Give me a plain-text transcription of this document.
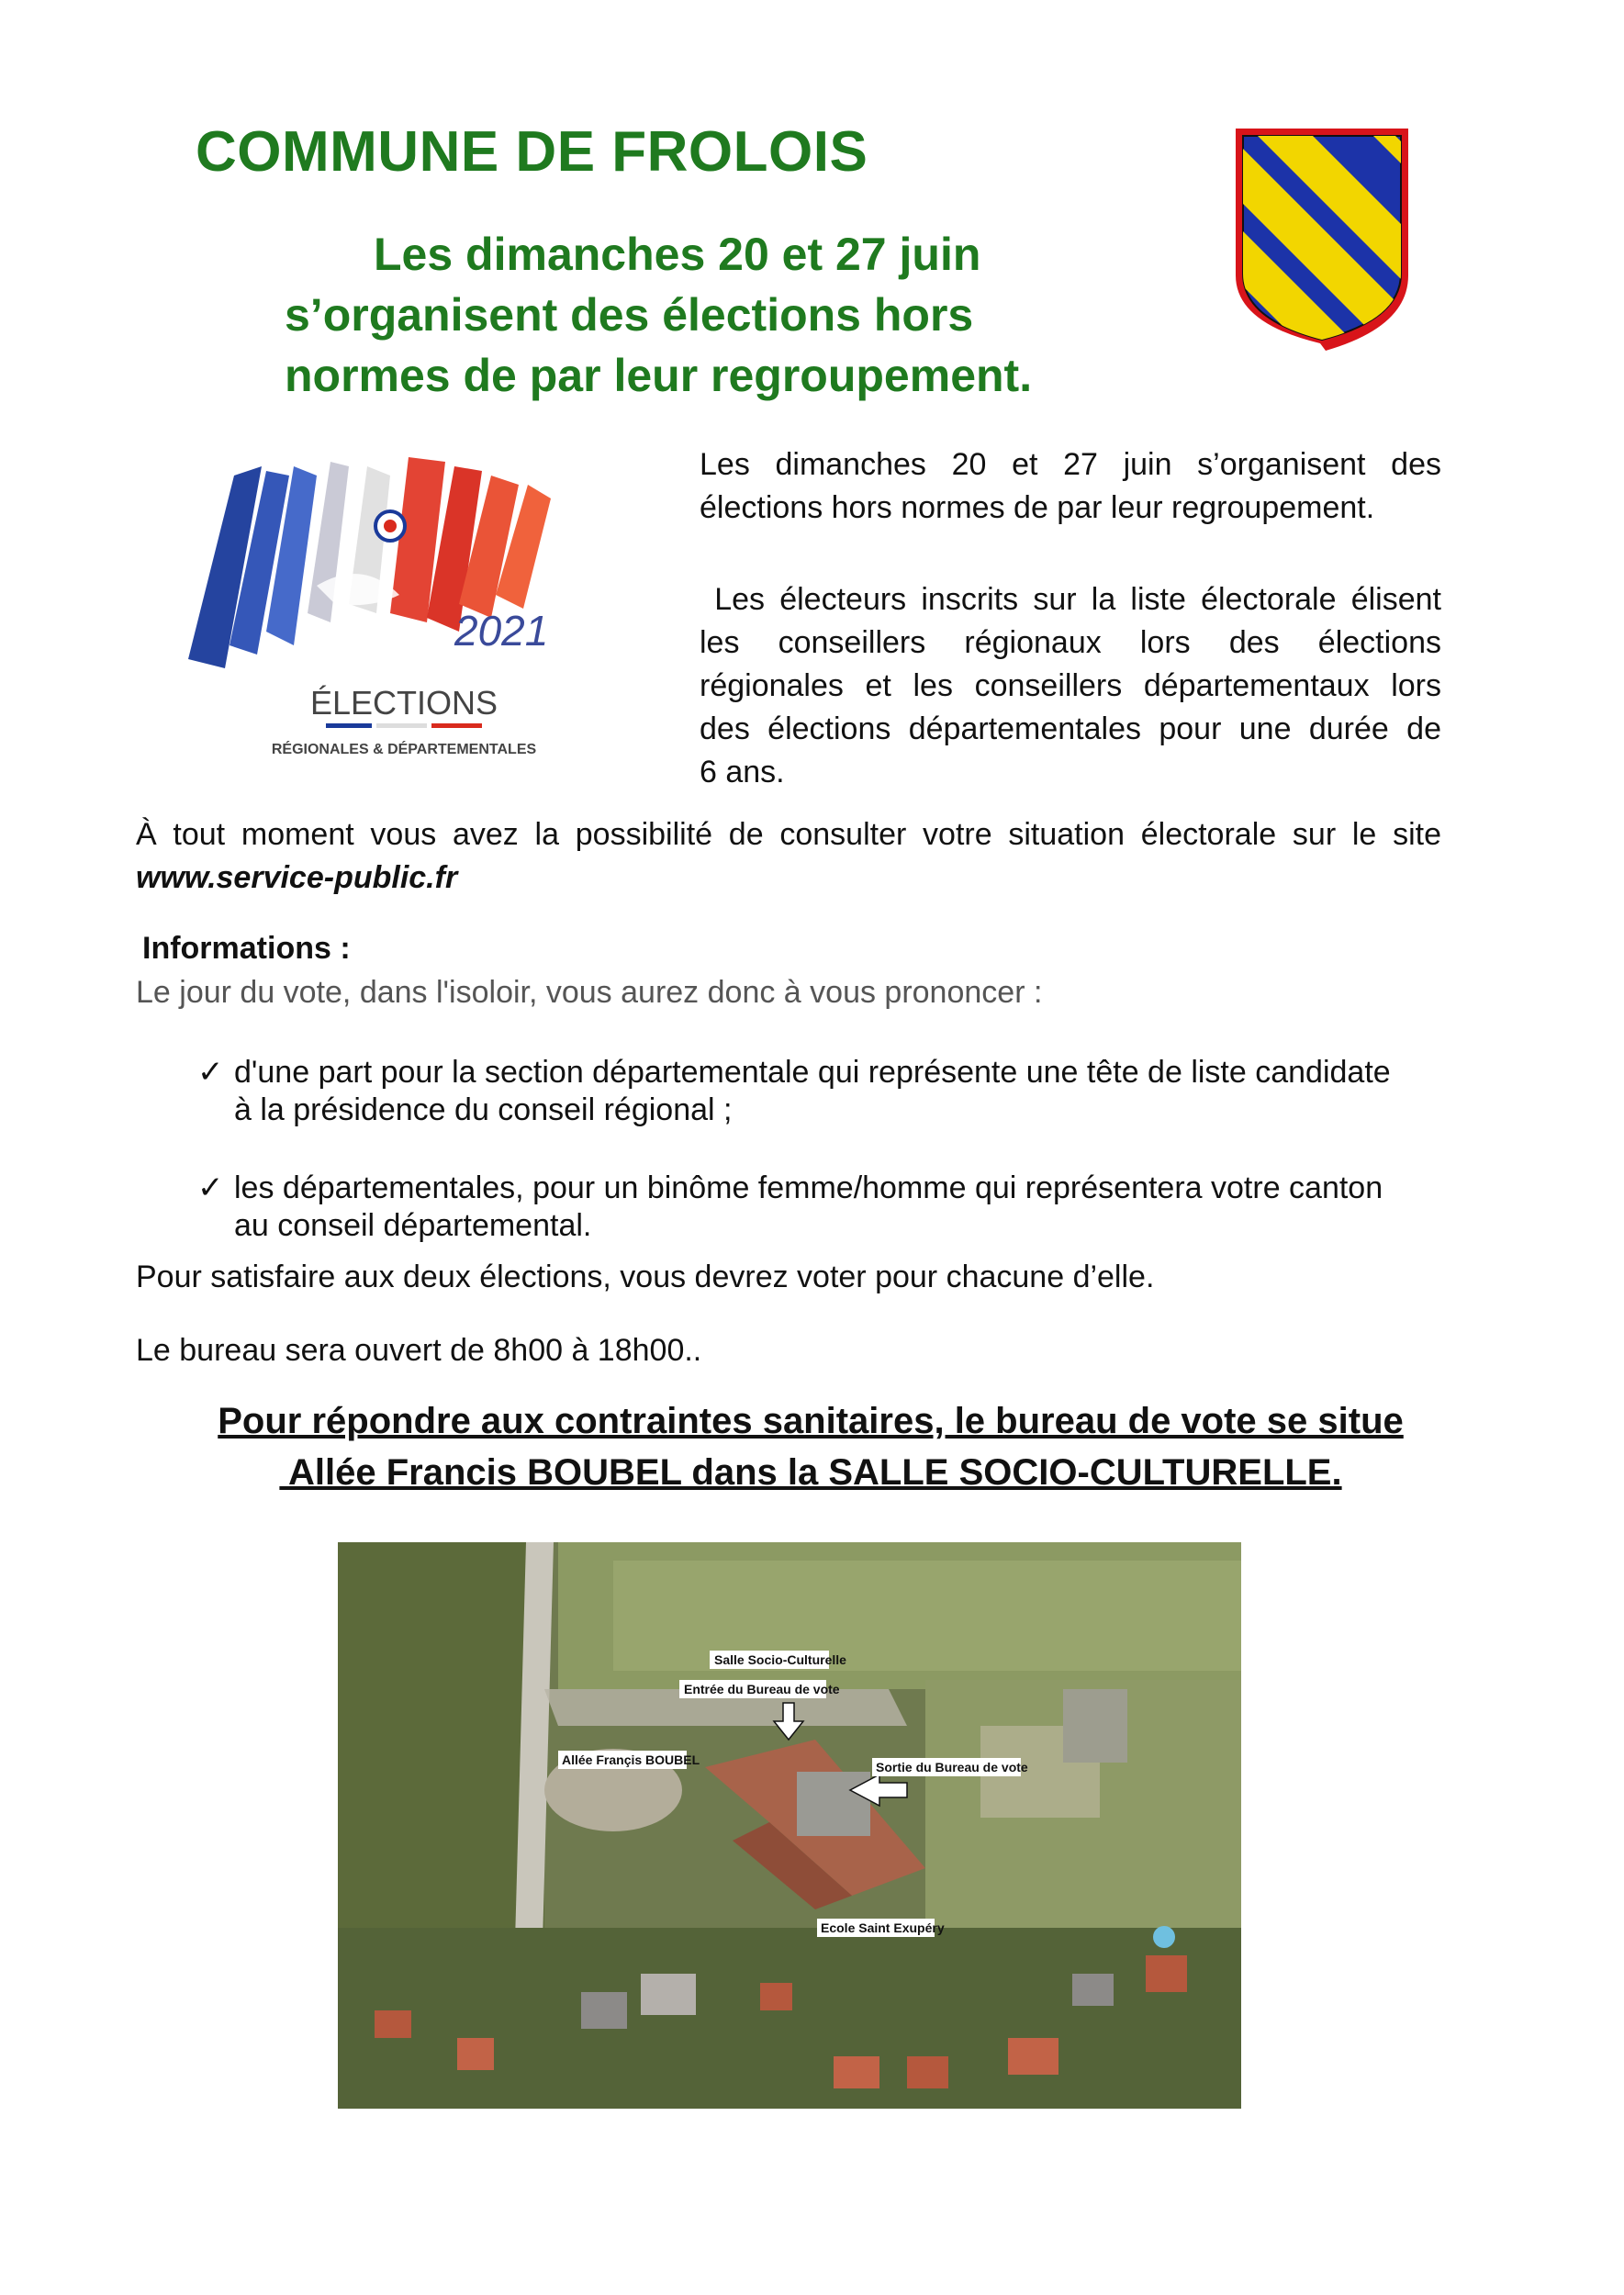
COMMUNE DE FROLOIS
Les dimanches 20 et 27 juin
s’organisent des élections hors
normes de par leur regroupement.
2021
ÉLECTIONS
RÉGIONALES & DÉPARTEMENTALES
Les dimanches 20 et 27 juin s’organisent des élections hors normes de par leur regroupement.
Les électeurs inscrits sur la liste électorale élisent
les conseillers régionaux lors des élections
régionales et les conseillers départementaux lors
des élections départementales pour une durée de
6 ans.
À tout moment vous avez la possibilité de consulter votre situation électorale sur le site
www.service-public.fr
Informations :
Le jour du vote, dans l'isoloir, vous aurez donc à vous prononcer :
✓ d'une part pour la section départementale qui représente une tête de liste candidate
à la présidence du conseil régional ;
✓ les départementales, pour un binôme femme/homme qui représentera votre canton
au conseil départemental.
Pour satisfaire aux deux élections, vous devrez voter pour chacune d’elle.
Le bureau sera ouvert de 8h00 à 18h00..
Pour répondre aux contraintes sanitaires, le bureau de vote se situe
Allée Francis BOUBEL dans la SALLE SOCIO-CULTURELLE.
Salle Socio-Culturelle
Entrée du Bureau de vote
Allée Françis BOUBEL	Sortie du Bureau de vote
Ecole Saint Exupéry
